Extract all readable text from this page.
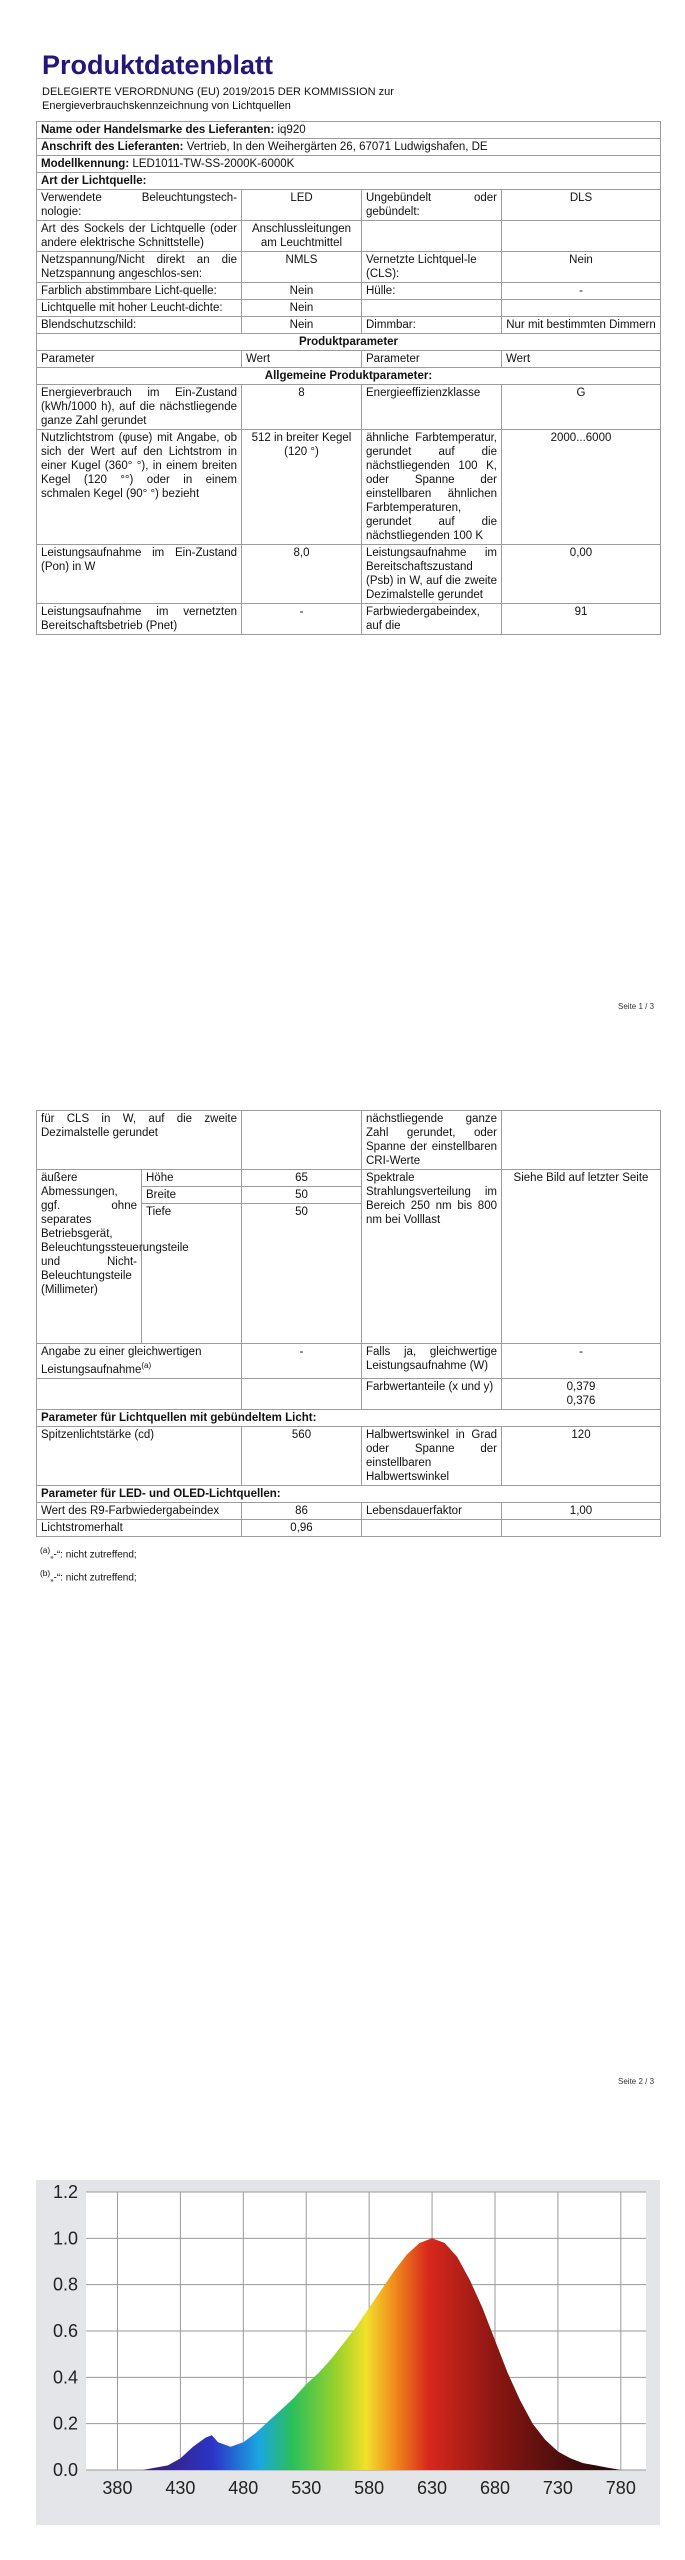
Produktdatenblatt
DELEGIERTE VERORDNUNG (EU) 2019/2015 DER KOMMISSION zur
Energieverbrauchskennzeichnung von Lichtquellen
Name oder Handelsmarke des Lieferanten: iq920			
Anschrift des Lieferanten: Vertrieb, In den Weihergärten 26, 67071 Ludwigshafen, DE			
Modellkennung: LED1011-TW-SS-2000K-6000K			
Art der Lichtquelle:			
Verwendete Beleuchtungstech-nologie:	LED	Ungebündelt oder gebündelt:	DLS
Art des Sockels der Lichtquelle (oder andere elektrische Schnittstelle)	Anschlussleitungen am Leuchtmittel		
Netzspannung/Nicht direkt an die Netzspannung angeschlos-sen:	NMLS	Vernetzte Lichtquel-le (CLS):	Nein
Farblich abstimmbare Licht-quelle:	Nein	Hülle:	-
Lichtquelle mit hoher Leucht-dichte:	Nein		
Blendschutzschild:	Nein	Dimmbar:	Nur mit bestimmten Dimmern
Produktparameter			
Parameter	Wert	Parameter	Wert
Allgemeine Produktparameter:			
Energieverbrauch im Ein-Zustand (kWh/1000 h), auf die nächstliegende ganze Zahl gerundet	8	Energieeffizienzklasse	G
Nutzlichtstrom (φuse) mit Angabe, ob sich der Wert auf den Lichtstrom in einer Kugel (360° °), in einem breiten Kegel (120 °°) oder in einem schmalen Kegel (90° °) bezieht	512 in breiter Kegel (120 °)	ähnliche Farbtemperatur, gerundet auf die nächstliegenden 100 K, oder Spanne der einstellbaren ähnlichen Farbtemperaturen, gerundet auf die nächstliegenden 100 K	2000...6000
Leistungsaufnahme im Ein-Zustand (Pon) in W	8,0	Leistungsaufnahme im Bereitschaftszustand (Psb) in W, auf die zweite Dezimalstelle gerundet	0,00
Leistungsaufnahme im vernetzten Bereitschaftsbetrieb (Pnet)	-	Farbwiedergabeindex, auf die	91
Seite 1 / 3
für CLS in W, auf die zweite Dezimalstelle gerundet			nächstliegende ganze Zahl gerundet, oder Spanne der einstellbaren CRI-Werte	
äußere Abmessungen, ggf. ohne separates Betriebsgerät, Beleuchtungssteuerungsteile und Nicht-Beleuchtungsteile (Millimeter)	Höhe	65	Spektrale Strahlungsverteilung im Bereich 250 nm bis 800 nm bei Volllast	Siehe Bild auf letzter Seite
	Breite	50		
	Tiefe	50		
Angabe zu einer gleichwertigen Leistungsaufnahme$^{(a)}$		-	Falls ja, gleichwertige Leistungsaufnahme (W)	-
			Farbwertanteile (x und y)	0,379
0,376

Parameter für Lichtquellen mit gebündeltem Licht:				
Spitzenlichtstärke (cd)		560	Halbwertswinkel in Grad oder Spanne der einstellbaren Halbwertswinkel	120
Parameter für LED- und OLED-Lichtquellen:				
Wert des R9-Farbwiedergabeindex		86	Lebensdauerfaktor	1,00
Lichtstromerhalt		0,96		
$^{(a)}$„-“: nicht zutreffend;
$^{(b)}$„-“: nicht zutreffend;
Seite 2 / 3
0.0
0.2
0.4
0.6
0.8
1.0
1.2
380 430 480 530 580 630 680 730 780
